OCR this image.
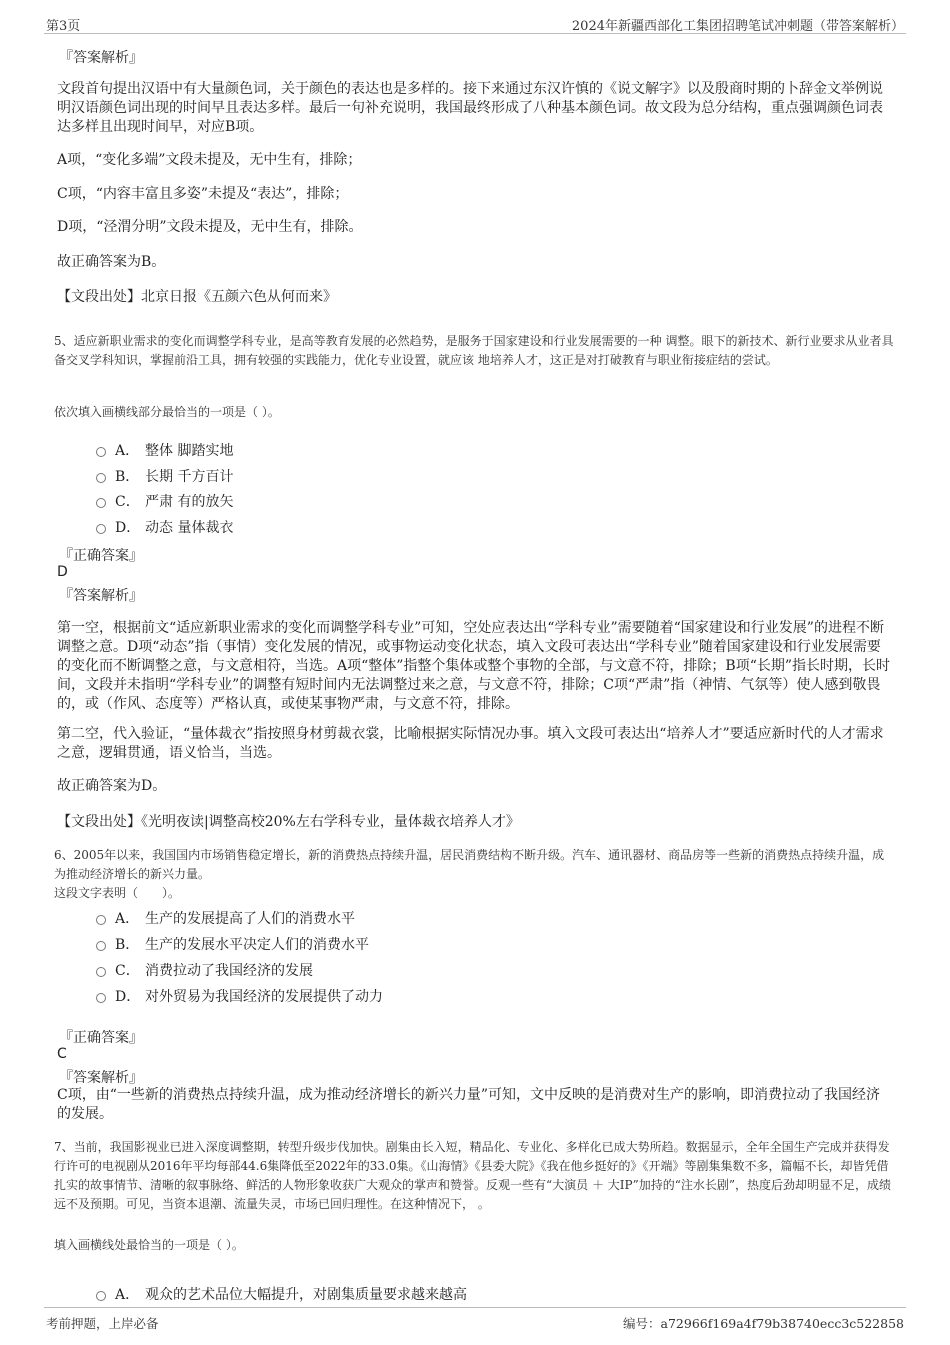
第3页	2024年新疆西部化工集团招聘笔试冲刺题（带答案解析）
『答案解析』
文段首句提出汉语中有大量颜色词，关于颜色的表达也是多样的。接下来通过东汉许慎的《说文解字》以及殷商时期的卜辞金文举例说明汉语颜色词出现的时间早且表达多样。最后一句补充说明，我国最终形成了八种基本颜色词。故文段为总分结构，重点强调颜色词表达多样且出现时间早，对应B项。
A项，“变化多端”文段未提及，无中生有，排除；
C项，“内容丰富且多姿”未提及“表达”，排除；
D项，“泾渭分明”文段未提及，无中生有，排除。
故正确答案为B。
【文段出处】北京日报《五颜六色从何而来》
5、适应新职业需求的变化而调整学科专业，是高等教育发展的必然趋势，是服务于国家建设和行业发展需要的一种 调整。眼下的新技术、新行业要求从业者具备交叉学科知识，掌握前沿工具，拥有较强的实践能力，优化专业设置，就应该 地培养人才，这正是对打破教育与职业衔接症结的尝试。
依次填入画横线部分最恰当的一项是（ ）。
A． 整体 脚踏实地
B． 长期 千方百计
C． 严肃 有的放矢
D． 动态 量体裁衣
『正确答案』
D
『答案解析』
第一空，根据前文“适应新职业需求的变化而调整学科专业”可知，空处应表达出“学科专业”需要随着“国家建设和行业发展”的进程不断调整之意。D项“动态”指（事情）变化发展的情况，或事物运动变化状态，填入文段可表达出“学科专业”随着国家建设和行业发展需要的变化而不断调整之意，与文意相符，当选。A项“整体”指整个集体或整个事物的全部，与文意不符，排除；B项“长期”指长时期，长时间，文段并未指明“学科专业”的调整有短时间内无法调整过来之意，与文意不符，排除；C项“严肃”指（神情、气氛等）使人感到敬畏的，或（作风、态度等）严格认真，或使某事物严肃，与文意不符，排除。
第二空，代入验证，“量体裁衣”指按照身材剪裁衣裳，比喻根据实际情况办事。填入文段可表达出“培养人才”要适应新时代的人才需求之意，逻辑贯通，语义恰当，当选。
故正确答案为D。
【文段出处】《光明夜读|调整高校20%左右学科专业，量体裁衣培养人才》
6、2005年以来，我国国内市场销售稳定增长，新的消费热点持续升温，居民消费结构不断升级。汽车、通讯器材、商品房等一些新的消费热点持续升温，成为推动经济增长的新兴力量。
这段文字表明（　　）。
A． 生产的发展提高了人们的消费水平
B． 生产的发展水平决定人们的消费水平
C． 消费拉动了我国经济的发展
D． 对外贸易为我国经济的发展提供了动力
『正确答案』
C
『答案解析』
C项，由“一些新的消费热点持续升温，成为推动经济增长的新兴力量”可知，文中反映的是消费对生产的影响，即消费拉动了我国经济的发展。
7、当前，我国影视业已进入深度调整期，转型升级步伐加快。剧集由长入短，精品化、专业化、多样化已成大势所趋。数据显示，全年全国生产完成并获得发行许可的电视剧从2016年平均每部44.6集降低至2022年的33.0集。《山海情》《县委大院》《我在他乡挺好的》《开端》等剧集集数不多，篇幅不长，却皆凭借扎实的故事情节、清晰的叙事脉络、鲜活的人物形象收获广大观众的掌声和赞誉。反观一些有“大演员 ＋ 大IP”加持的“注水长剧”，热度后劲却明显不足，成绩远不及预期。可见，当资本退潮、流量失灵，市场已回归理性。在这种情况下， 。
填入画横线处最恰当的一项是（ ）。
A． 观众的艺术品位大幅提升，对剧集质量要求越来越高
考前押题，上岸必备	编号：a72966f169a4f79b38740ecc3c522858
